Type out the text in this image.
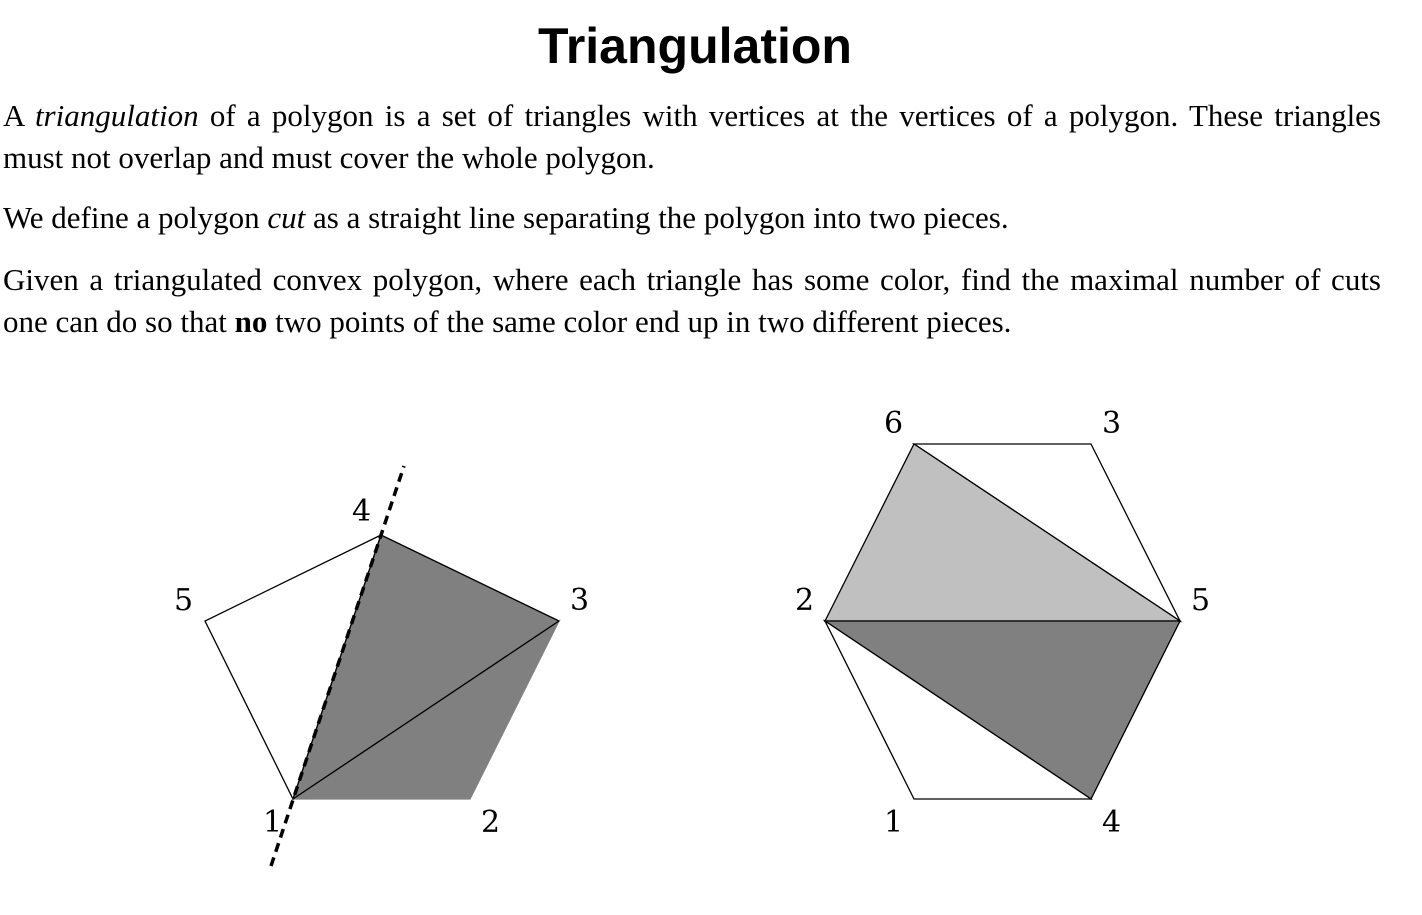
Triangulation

A triangulation of a polygon is a set of triangles with vertices at the vertices of a polygon. These triangles must not overlap and must cover the whole polygon.

We define a polygon cut as a straight line separating the polygon into two pieces.

Given a triangulated convex polygon, where each triangle has some color, find the maximal number of cuts one can do so that no two points of the same color end up in two different pieces.

1	2
3
4
5
1
2
3
4
5
6
